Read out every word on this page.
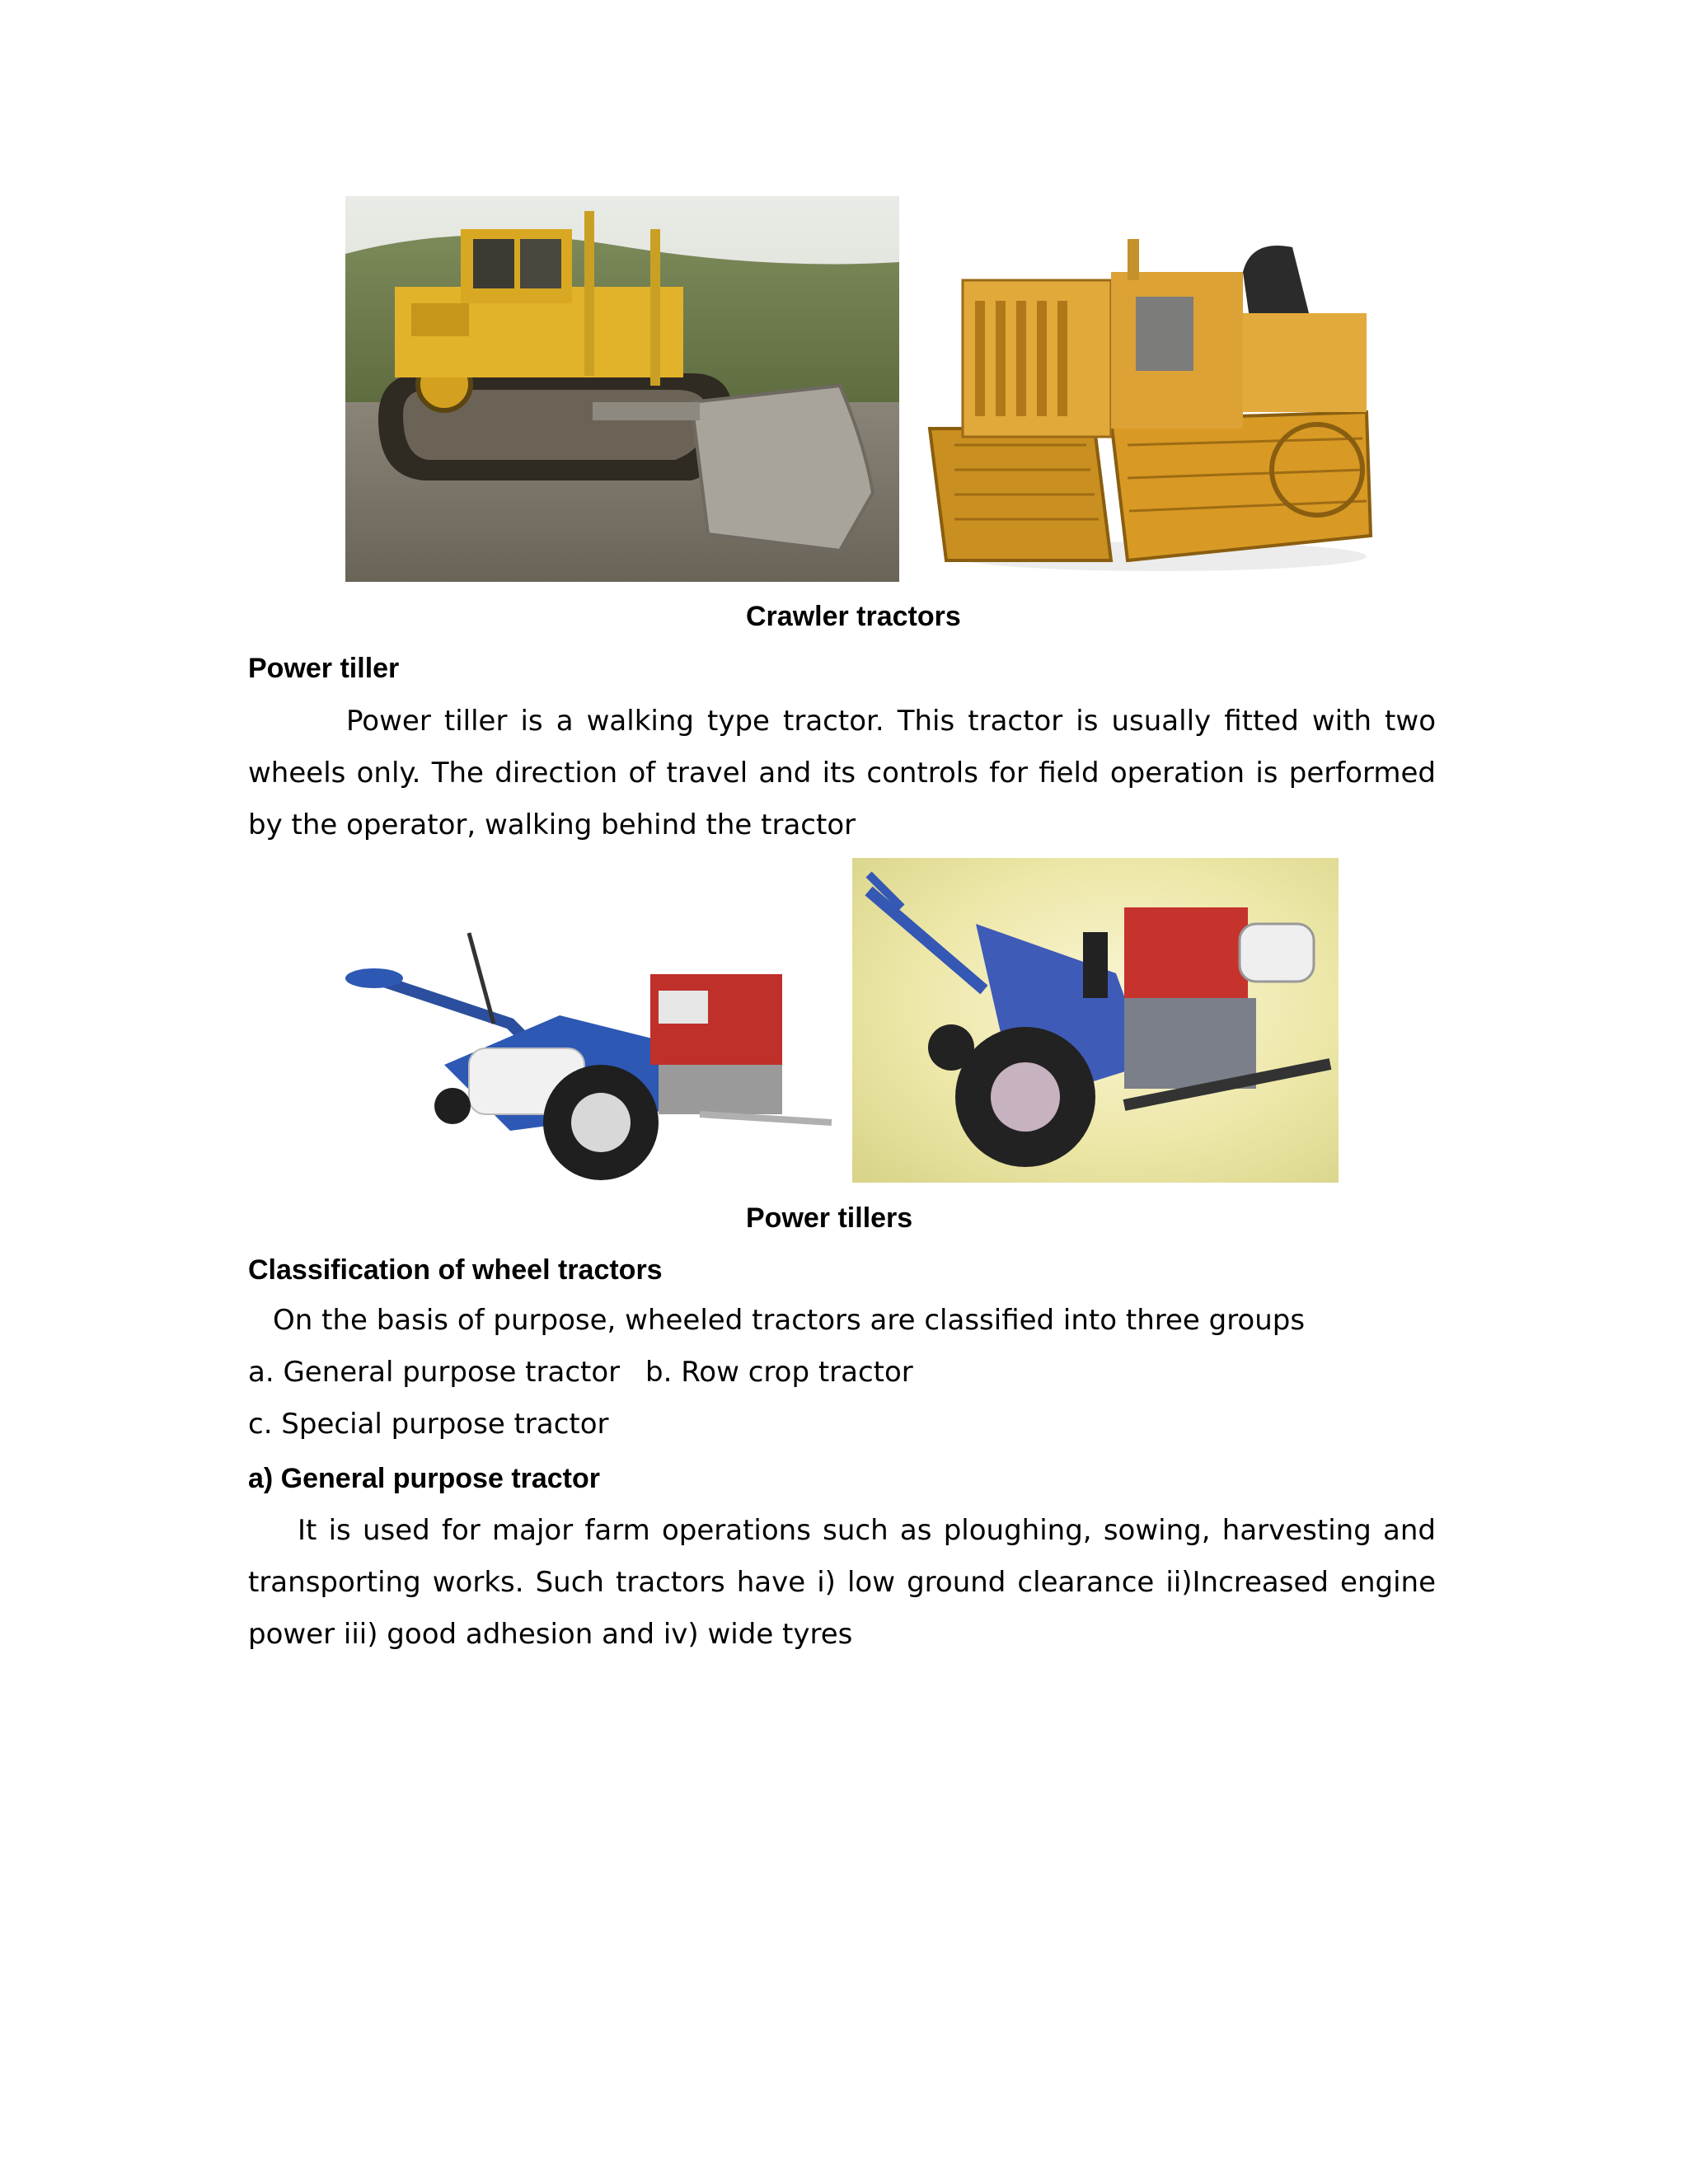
Crawler tractors
Power tiller
Power tiller is a walking type tractor. This tractor is usually fitted with two wheels only. The direction of travel and its controls for field operation is performed by the operator, walking behind the tractor
Power tillers
Classification of wheel tractors
On the basis of purpose, wheeled tractors are classified into three groups
a. General purpose tractor b. Row crop tractor
c. Special purpose tractor
a) General purpose tractor
It is used for major farm operations such as ploughing, sowing, harvesting and transporting works. Such tractors have i) low ground clearance ii)Increased engine power iii) good adhesion and iv) wide tyres
